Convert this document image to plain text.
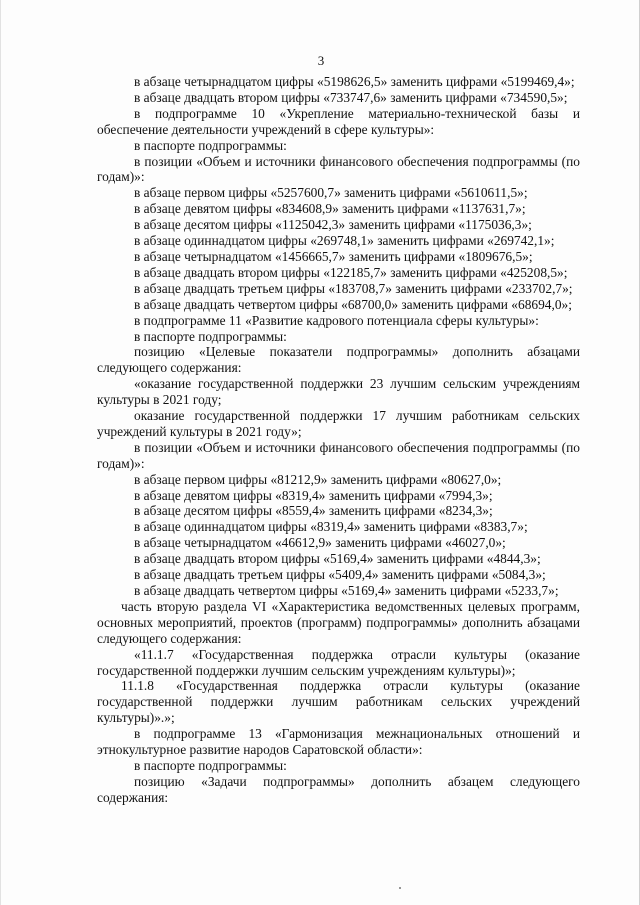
3

в абзаце четырнадцатом цифры «5198626,5» заменить цифрами «5199469,4»;

в абзаце двадцать втором цифры «733747,6» заменить цифрами «734590,5»;

в подпрограмме 10 «Укрепление материально-технической базы и обеспечение деятельности учреждений в сфере культуры»:

в паспорте подпрограммы:

в позиции «Объем и источники финансового обеспечения подпрограммы (по годам)»:

в абзаце первом цифры «5257600,7» заменить цифрами «5610611,5»;

в абзаце девятом цифры «834608,9» заменить цифрами «1137631,7»;

в абзаце десятом цифры «1125042,3» заменить цифрами «1175036,3»;

в абзаце одиннадцатом цифры «269748,1» заменить цифрами «269742,1»;

в абзаце четырнадцатом «1456665,7» заменить цифрами «1809676,5»;

в абзаце двадцать втором цифры «122185,7» заменить цифрами «425208,5»;

в абзаце двадцать третьем цифры «183708,7» заменить цифрами «233702,7»;

в абзаце двадцать четвертом цифры «68700,0» заменить цифрами «68694,0»;

в подпрограмме 11 «Развитие кадрового потенциала сферы культуры»:

в паспорте подпрограммы:

позицию «Целевые показатели подпрограммы» дополнить абзацами следующего содержания:

«оказание государственной поддержки 23 лучшим сельским учреждениям культуры в 2021 году;

оказание государственной поддержки 17 лучшим работникам сельских учреждений культуры в 2021 году»;

в позиции «Объем и источники финансового обеспечения подпрограммы (по годам)»:

в абзаце первом цифры «81212,9» заменить цифрами «80627,0»;

в абзаце девятом цифры «8319,4» заменить цифрами «7994,3»;

в абзаце десятом цифры «8559,4» заменить цифрами «8234,3»;

в абзаце одиннадцатом цифры «8319,4» заменить цифрами «8383,7»;

в абзаце четырнадцатом «46612,9» заменить цифрами «46027,0»;

в абзаце двадцать втором цифры «5169,4» заменить цифрами «4844,3»;

в абзаце двадцать третьем цифры «5409,4» заменить цифрами «5084,3»;

в абзаце двадцать четвертом цифры «5169,4» заменить цифрами «5233,7»;

часть вторую раздела VI «Характеристика ведомственных целевых программ, основных мероприятий, проектов (программ) подпрограммы» дополнить абзацами следующего содержания:

«11.1.7 «Государственная поддержка отрасли культуры (оказание государственной поддержки лучшим сельским учреждениям культуры)»;

11.1.8 «Государственная поддержка отрасли культуры (оказание государственной поддержки лучшим работникам сельских учреждений культуры)».»;

в подпрограмме 13 «Гармонизация межнациональных отношений и этнокультурное развитие народов Саратовской области»:

в паспорте подпрограммы:

позицию «Задачи подпрограммы» дополнить абзацем следующего содержания:
